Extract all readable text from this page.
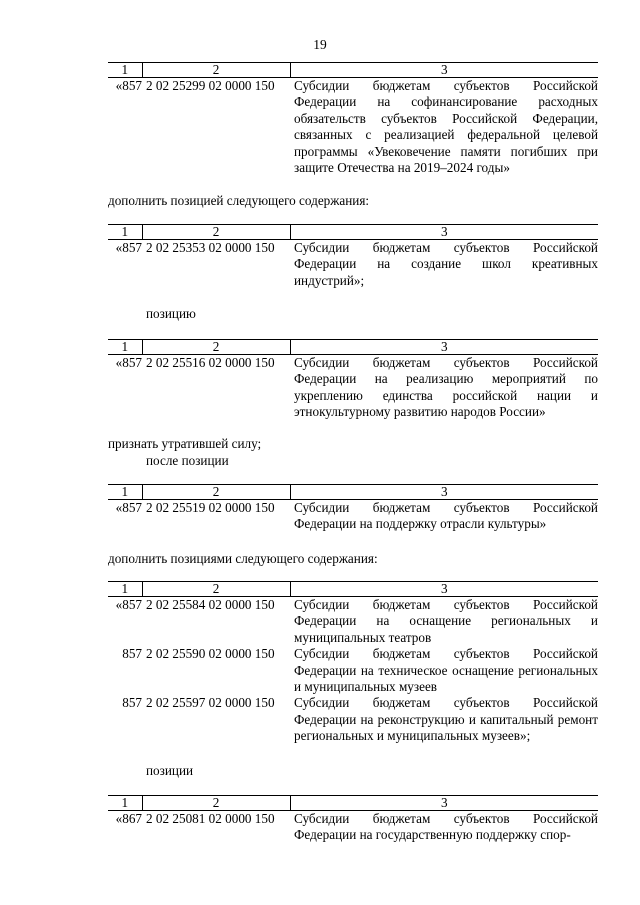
19
1	2	3
«857	2 02 25299 02 0000 150	Субсидии бюджетам субъектов Российской Федерации на софинансирование расходных обязательств субъектов Российской Федерации, связанных с реализацией федеральной целевой программы «Увековечение памяти погибших при защите Отечества на 2019–2024 годы»
дополнить позицией следующего содержания:
1	2	3
«857	2 02 25353 02 0000 150	Субсидии бюджетам субъектов Российской Федерации на создание школ креативных индустрий»;
позицию
1	2	3
«857	2 02 25516 02 0000 150	Субсидии бюджетам субъектов Российской Федерации на реализацию мероприятий по укреплению единства российской нации и этнокультурному развитию народов России»
признать утратившей силу;
после позиции
1	2	3
«857	2 02 25519 02 0000 150	Субсидии бюджетам субъектов Российской Федерации на поддержку отрасли культуры»
дополнить позициями следующего содержания:
1	2	3
«857	2 02 25584 02 0000 150	Субсидии бюджетам субъектов Российской Федерации на оснащение региональных и муниципальных театров
857	2 02 25590 02 0000 150	Субсидии бюджетам субъектов Российской Федерации на техническое оснащение региональных и муниципальных музеев
857	2 02 25597 02 0000 150	Субсидии бюджетам субъектов Российской Федерации на реконструкцию и капитальный ремонт региональных и муниципальных музеев»;
позиции
1	2	3
«867	2 02 25081 02 0000 150	Субсидии бюджетам субъектов Российской Федерации на государственную поддержку спор-
